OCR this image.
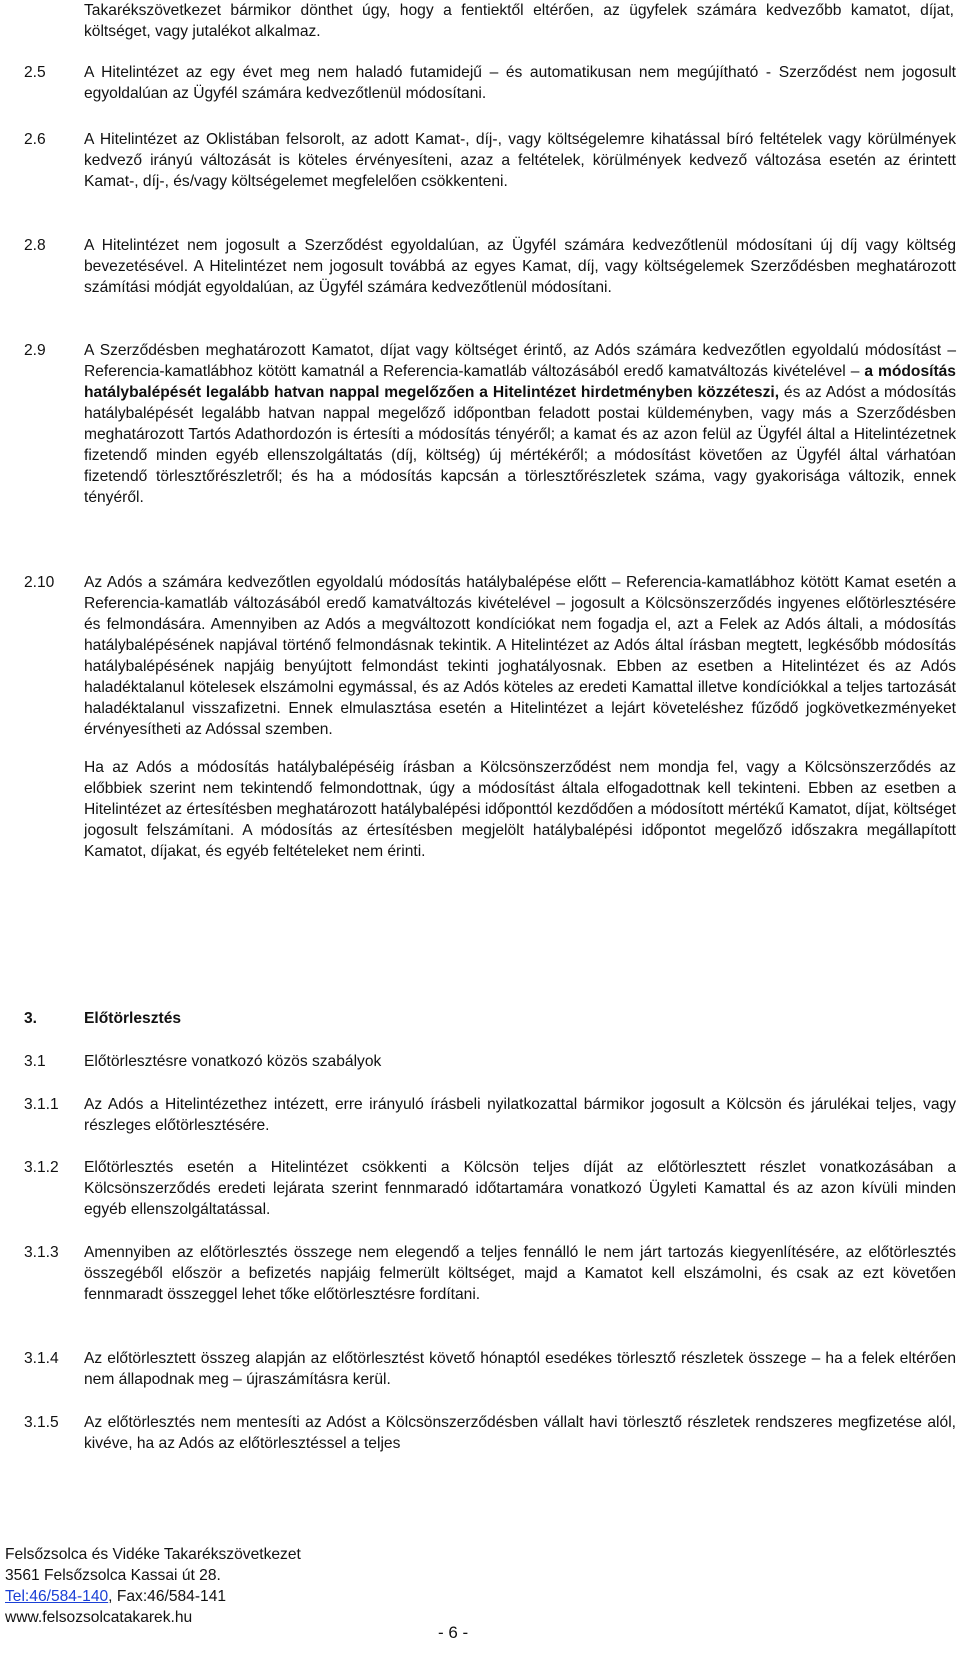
Takarékszövetkezet bármikor dönthet úgy, hogy a fentiektől eltérően, az ügyfelek számára kedvezőbb kamatot, díjat, költséget, vagy jutalékot alkalmaz.
2.5 A Hitelintézet az egy évet meg nem haladó futamidejű – és automatikusan nem megújítható - Szerződést nem jogosult egyoldalúan az Ügyfél számára kedvezőtlenül módosítani.
2.6 A Hitelintézet az Oklistában felsorolt, az adott Kamat-, díj-, vagy költségelemre kihatással bíró feltételek vagy körülmények kedvező irányú változását is köteles érvényesíteni, azaz a feltételek, körülmények kedvező változása esetén az érintett Kamat-, díj-, és/vagy költségelemet megfelelően csökkenteni.
2.8 A Hitelintézet nem jogosult a Szerződést egyoldalúan, az Ügyfél számára kedvezőtlenül módosítani új díj vagy költség bevezetésével. A Hitelintézet nem jogosult továbbá az egyes Kamat, díj, vagy költségelemek Szerződésben meghatározott számítási módját egyoldalúan, az Ügyfél számára kedvezőtlenül módosítani.
2.9 A Szerződésben meghatározott Kamatot, díjat vagy költséget érintő, az Adós számára kedvezőtlen egyoldalú módosítást – Referencia-kamatlábhoz kötött kamatnál a Referencia-kamatláb változásából eredő kamatváltozás kivételével – a módosítás hatálybalépését legalább hatvan nappal megelőzően a Hitelintézet hirdetményben közzéteszi, és az Adóst a módosítás hatálybalépését legalább hatvan nappal megelőző időpontban feladott postai küldeményben, vagy más a Szerződésben meghatározott Tartós Adathordozón is értesíti a módosítás tényéről; a kamat és az azon felül az Ügyfél által a Hitelintézetnek fizetendő minden egyéb ellenszolgáltatás (díj, költség) új mértékéről; a módosítást követően az Ügyfél által várhatóan fizetendő törlesztőrészletről; és ha a módosítás kapcsán a törlesztőrészletek száma, vagy gyakorisága változik, ennek tényéről.
2.10 Az Adós a számára kedvezőtlen egyoldalú módosítás hatálybalépése előtt – Referencia-kamatlábhoz kötött Kamat esetén a Referencia-kamatláb változásából eredő kamatváltozás kivételével – jogosult a Kölcsönszerződés ingyenes előtörlesztésére és felmondására. Amennyiben az Adós a megváltozott kondíciókat nem fogadja el, azt a Felek az Adós általi, a módosítás hatálybalépésének napjával történő felmondásnak tekintik. A Hitelintézet az Adós által írásban megtett, legkésőbb módosítás hatálybalépésének napjáig benyújtott felmondást tekinti joghatályosnak. Ebben az esetben a Hitelintézet és az Adós haladéktalanul kötelesek elszámolni egymással, és az Adós köteles az eredeti Kamattal illetve kondíciókkal a teljes tartozását haladéktalanul visszafizetni. Ennek elmulasztása esetén a Hitelintézet a lejárt követeléshez fűződő jogkövetkezményeket érvényesítheti az Adóssal szemben.
Ha az Adós a módosítás hatálybalépéséig írásban a Kölcsönszerződést nem mondja fel, vagy a Kölcsönszerződés az előbbiek szerint nem tekintendő felmondottnak, úgy a módosítást általa elfogadottnak kell tekinteni. Ebben az esetben a Hitelintézet az értesítésben meghatározott hatálybalépési időponttól kezdődően a módosított mértékű Kamatot, díjat, költséget jogosult felszámítani. A módosítás az értesítésben megjelölt hatálybalépési időpontot megelőző időszakra megállapított Kamatot, díjakat, és egyéb feltételeket nem érinti.
3.	Előtörlesztés
3.1 Előtörlesztésre vonatkozó közös szabályok
3.1.1 Az Adós a Hitelintézethez intézett, erre irányuló írásbeli nyilatkozattal bármikor jogosult a Kölcsön és járulékai teljes, vagy részleges előtörlesztésére.
3.1.2 Előtörlesztés esetén a Hitelintézet csökkenti a Kölcsön teljes díját az előtörlesztett részlet vonatkozásában a Kölcsönszerződés eredeti lejárata szerint fennmaradó időtartamára vonatkozó Ügyleti Kamattal és az azon kívüli minden egyéb ellenszolgáltatással.
3.1.3 Amennyiben az előtörlesztés összege nem elegendő a teljes fennálló le nem járt tartozás kiegyenlítésére, az előtörlesztés összegéből először a befizetés napjáig felmerült költséget, majd a Kamatot kell elszámolni, és csak az ezt követően fennmaradt összeggel lehet tőke előtörlesztésre fordítani.
3.1.4 Az előtörlesztett összeg alapján az előtörlesztést követő hónaptól esedékes törlesztő részletek összege – ha a felek eltérően nem állapodnak meg – újraszámításra kerül.
3.1.5 Az előtörlesztés nem mentesíti az Adóst a Kölcsönszerződésben vállalt havi törlesztő részletek rendszeres megfizetése alól, kivéve, ha az Adós az előtörlesztéssel a teljes
Felsőzsolca és Vidéke Takarékszövetkezet
3561 Felsőzsolca Kassai út 28.
Tel:46/584-140, Fax:46/584-141
www.felsozsolcatakarek.hu
- 6 -
